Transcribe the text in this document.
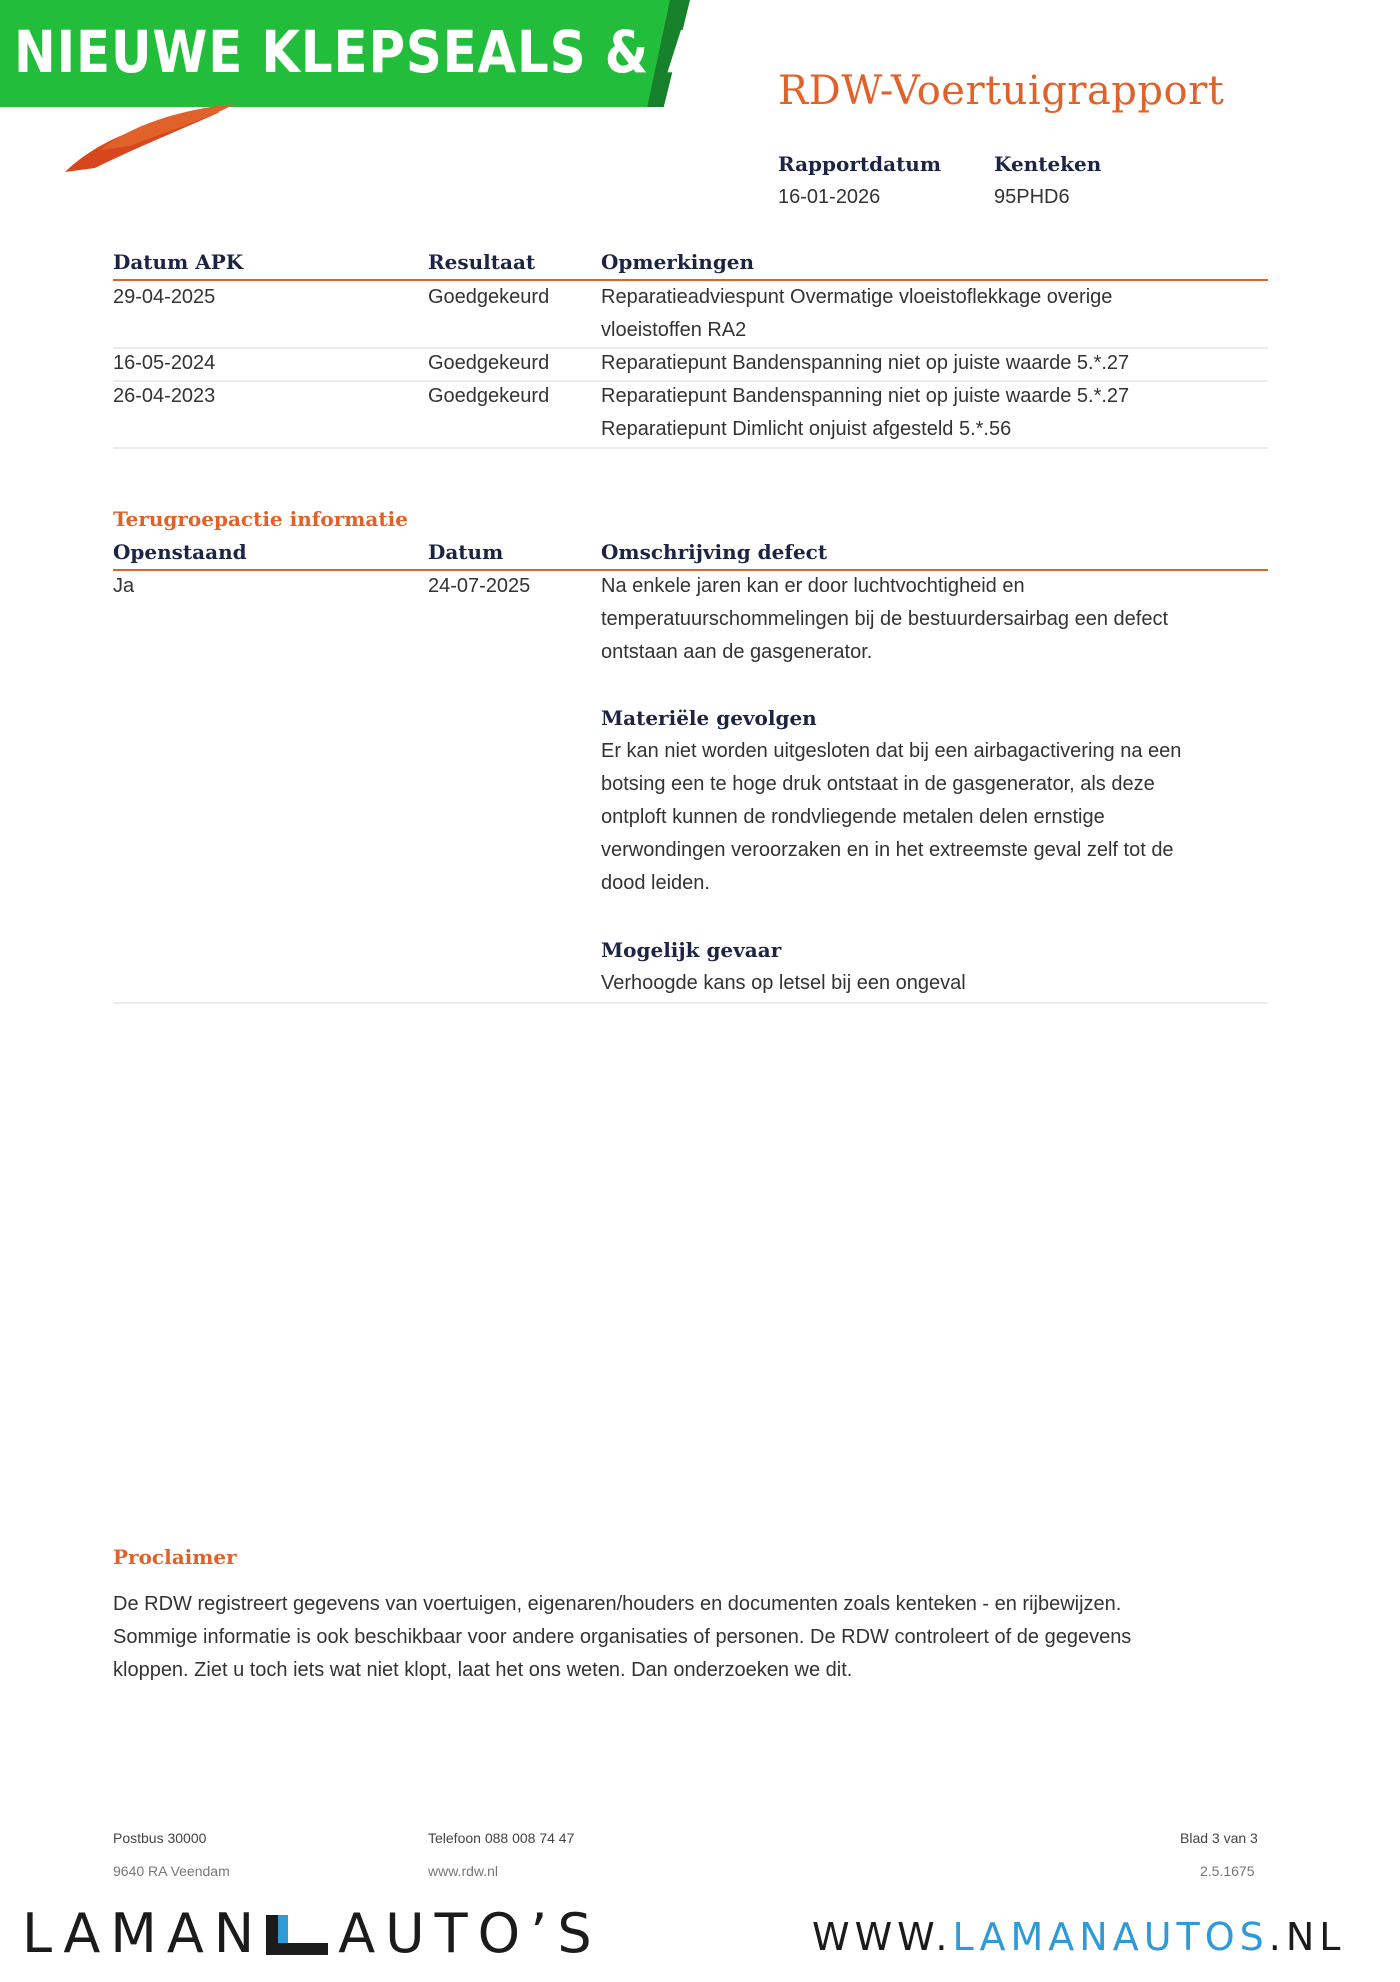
NIEUWE KLEPSEALS & APK
RDW-Voertuigrapport
Rapportdatum
16-01-2026
Kenteken
95PHD6
Datum APK	Resultaat	Opmerkingen
29-04-2025	Goedgekeurd	Reparatieadviespunt Overmatige vloeistoflekkage overige
vloeistoffen RA2
16-05-2024	Goedgekeurd	Reparatiepunt Bandenspanning niet op juiste waarde 5.*.27
26-04-2023	Goedgekeurd	Reparatiepunt Bandenspanning niet op juiste waarde 5.*.27
Reparatiepunt Dimlicht onjuist afgesteld 5.*.56
Terugroepactie informatie
Openstaand	Datum	Omschrijving defect
Ja	24-07-2025	Na enkele jaren kan er door luchtvochtigheid en
temperatuurschommelingen bij de bestuurdersairbag een defect
ontstaan aan de gasgenerator.
Materiële gevolgen
Er kan niet worden uitgesloten dat bij een airbagactivering na een
botsing een te hoge druk ontstaat in de gasgenerator, als deze
ontploft kunnen de rondvliegende metalen delen ernstige
verwondingen veroorzaken en in het extreemste geval zelf tot de
dood leiden.
Mogelijk gevaar
Verhoogde kans op letsel bij een ongeval
Proclaimer
De RDW registreert gegevens van voertuigen, eigenaren/houders en documenten zoals kenteken - en rijbewijzen.
Sommige informatie is ook beschikbaar voor andere organisaties of personen. De RDW controleert of de gegevens
kloppen. Ziet u toch iets wat niet klopt, laat het ons weten. Dan onderzoeken we dit.
Postbus 30000	Telefoon 088 008 74 47	Blad 3 van 3
9640 RA Veendam	www.rdw.nl	2.5.1675
LAMAN AUTO’S	WWW.LAMANAUTOS.NL
